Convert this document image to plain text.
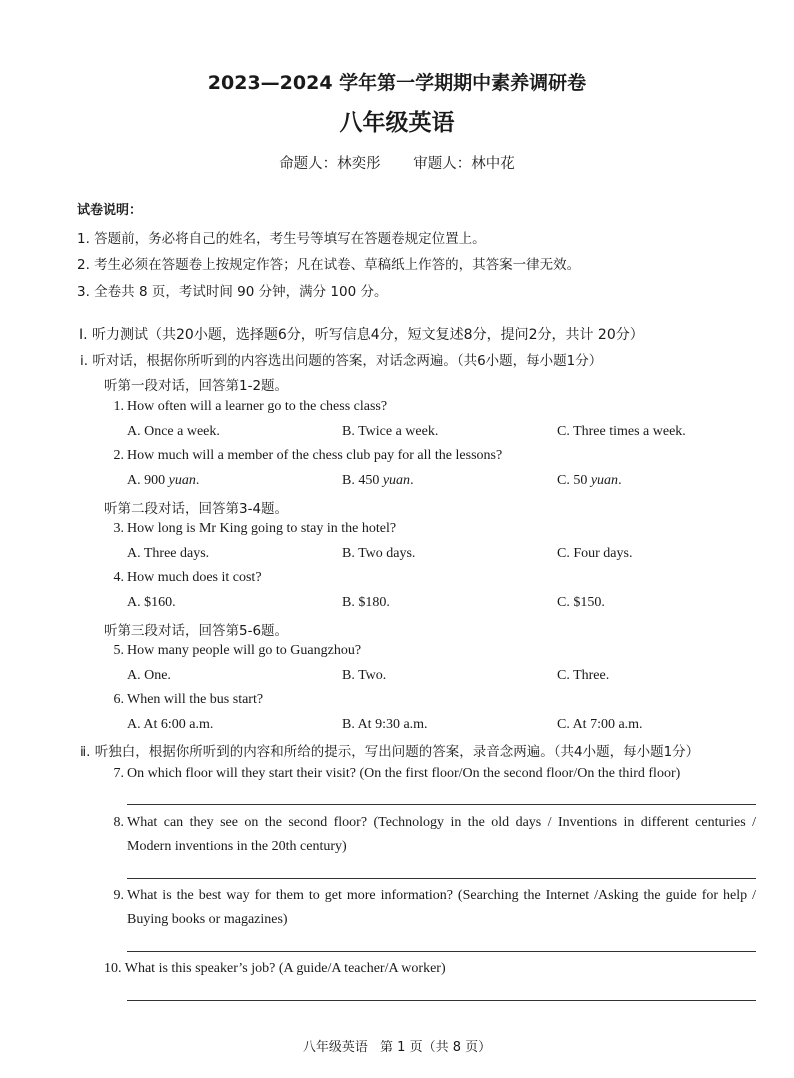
2023—2024 学年第一学期期中素养调研卷
八年级英语
命题人：林奕彤 审题人：林中花
试卷说明：
1. 答题前，务必将自己的姓名，考生号等填写在答题卷规定位置上。
2. 考生必须在答题卷上按规定作答；凡在试卷、草稿纸上作答的，其答案一律无效。
3. 全卷共 8 页，考试时间 90 分钟，满分 100 分。
Ⅰ. 听力测试（共20小题，选择题6分，听写信息4分，短文复述8分，提问2分，共计 20分）
ⅰ. 听对话，根据你所听到的内容选出问题的答案，对话念两遍。（共6小题，每小题1分）
听第一段对话，回答第1-2题。
1. How often will a learner go to the chess class?
A. Once a week.	B. Twice a week.	C. Three times a week.
2. How much will a member of the chess club pay for all the lessons?
A. 900 yuan.	B. 450 yuan.	C. 50 yuan.
听第二段对话，回答第3-4题。
3. How long is Mr King going to stay in the hotel?
A. Three days.	B. Two days.	C. Four days.
4. How much does it cost?
A. $160.	B. $180.	C. $150.
听第三段对话，回答第5-6题。
5. How many people will go to Guangzhou?
A. One.	B. Two.	C. Three.
6. When will the bus start?
A. At 6:00 a.m.	B. At 9:30 a.m.	C. At 7:00 a.m.
ⅱ. 听独白，根据你所听到的内容和所给的提示，写出问题的答案，录音念两遍。（共4小题，每小题1分）
7. On which floor will they start their visit? (On the first floor/On the second floor/On the third floor)
8. What can they see on the second floor? (Technology in the old days / Inventions in different centuries /
Modern inventions in the 20th century)
9. What is the best way for them to get more information? (Searching the Internet /Asking the guide for help /
Buying books or magazines)
10. What is this speaker’s job? (A guide/A teacher/A worker)
八年级英语 第 1 页（共 8 页）
